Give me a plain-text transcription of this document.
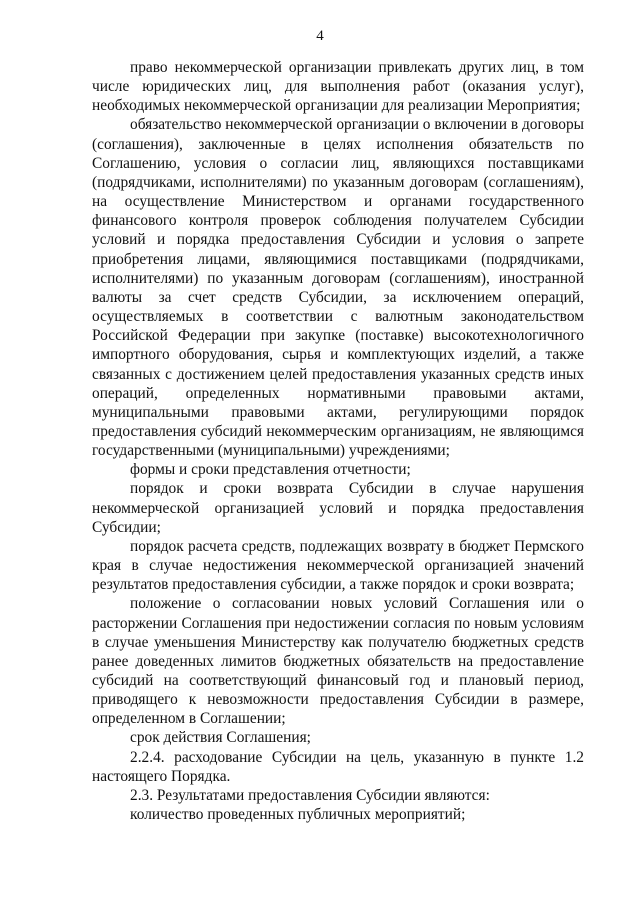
4

право некоммерческой организации привлекать других лиц, в том числе юридических лиц, для выполнения работ (оказания услуг), необходимых некоммерческой организации для реализации Мероприятия;

обязательство некоммерческой организации о включении в договоры (соглашения), заключенные в целях исполнения обязательств по Соглашению, условия о согласии лиц, являющихся поставщиками (подрядчиками, исполнителями) по указанным договорам (соглашениям), на осуществление Министерством и органами государственного финансового контроля проверок соблюдения получателем Субсидии условий и порядка предоставления Субсидии и условия о запрете приобретения лицами, являющимися поставщиками (подрядчиками, исполнителями) по указанным договорам (соглашениям), иностранной валюты за счет средств Субсидии, за исключением операций, осуществляемых в соответствии с валютным законодательством Российской Федерации при закупке (поставке) высокотехнологичного импортного оборудования, сырья и комплектующих изделий, а также связанных с достижением целей предоставления указанных средств иных операций, определенных нормативными правовыми актами, муниципальными правовыми актами, регулирующими порядок предоставления субсидий некоммерческим организациям, не являющимся государственными (муниципальными) учреждениями;

формы и сроки представления отчетности;

порядок и сроки возврата Субсидии в случае нарушения некоммерческой организацией условий и порядка предоставления Субсидии;

порядок расчета средств, подлежащих возврату в бюджет Пермского края в случае недостижения некоммерческой организацией значений результатов предоставления субсидии, а также порядок и сроки возврата;

положение о согласовании новых условий Соглашения или о расторжении Соглашения при недостижении согласия по новым условиям в случае уменьшения Министерству как получателю бюджетных средств ранее доведенных лимитов бюджетных обязательств на предоставление субсидий на соответствующий финансовый год и плановый период, приводящего к невозможности предоставления Субсидии в размере, определенном в Соглашении;

срок действия Соглашения;

2.2.4. расходование Субсидии на цель, указанную в пункте 1.2 настоящего Порядка.

2.3. Результатами предоставления Субсидии являются:

количество проведенных публичных мероприятий;
